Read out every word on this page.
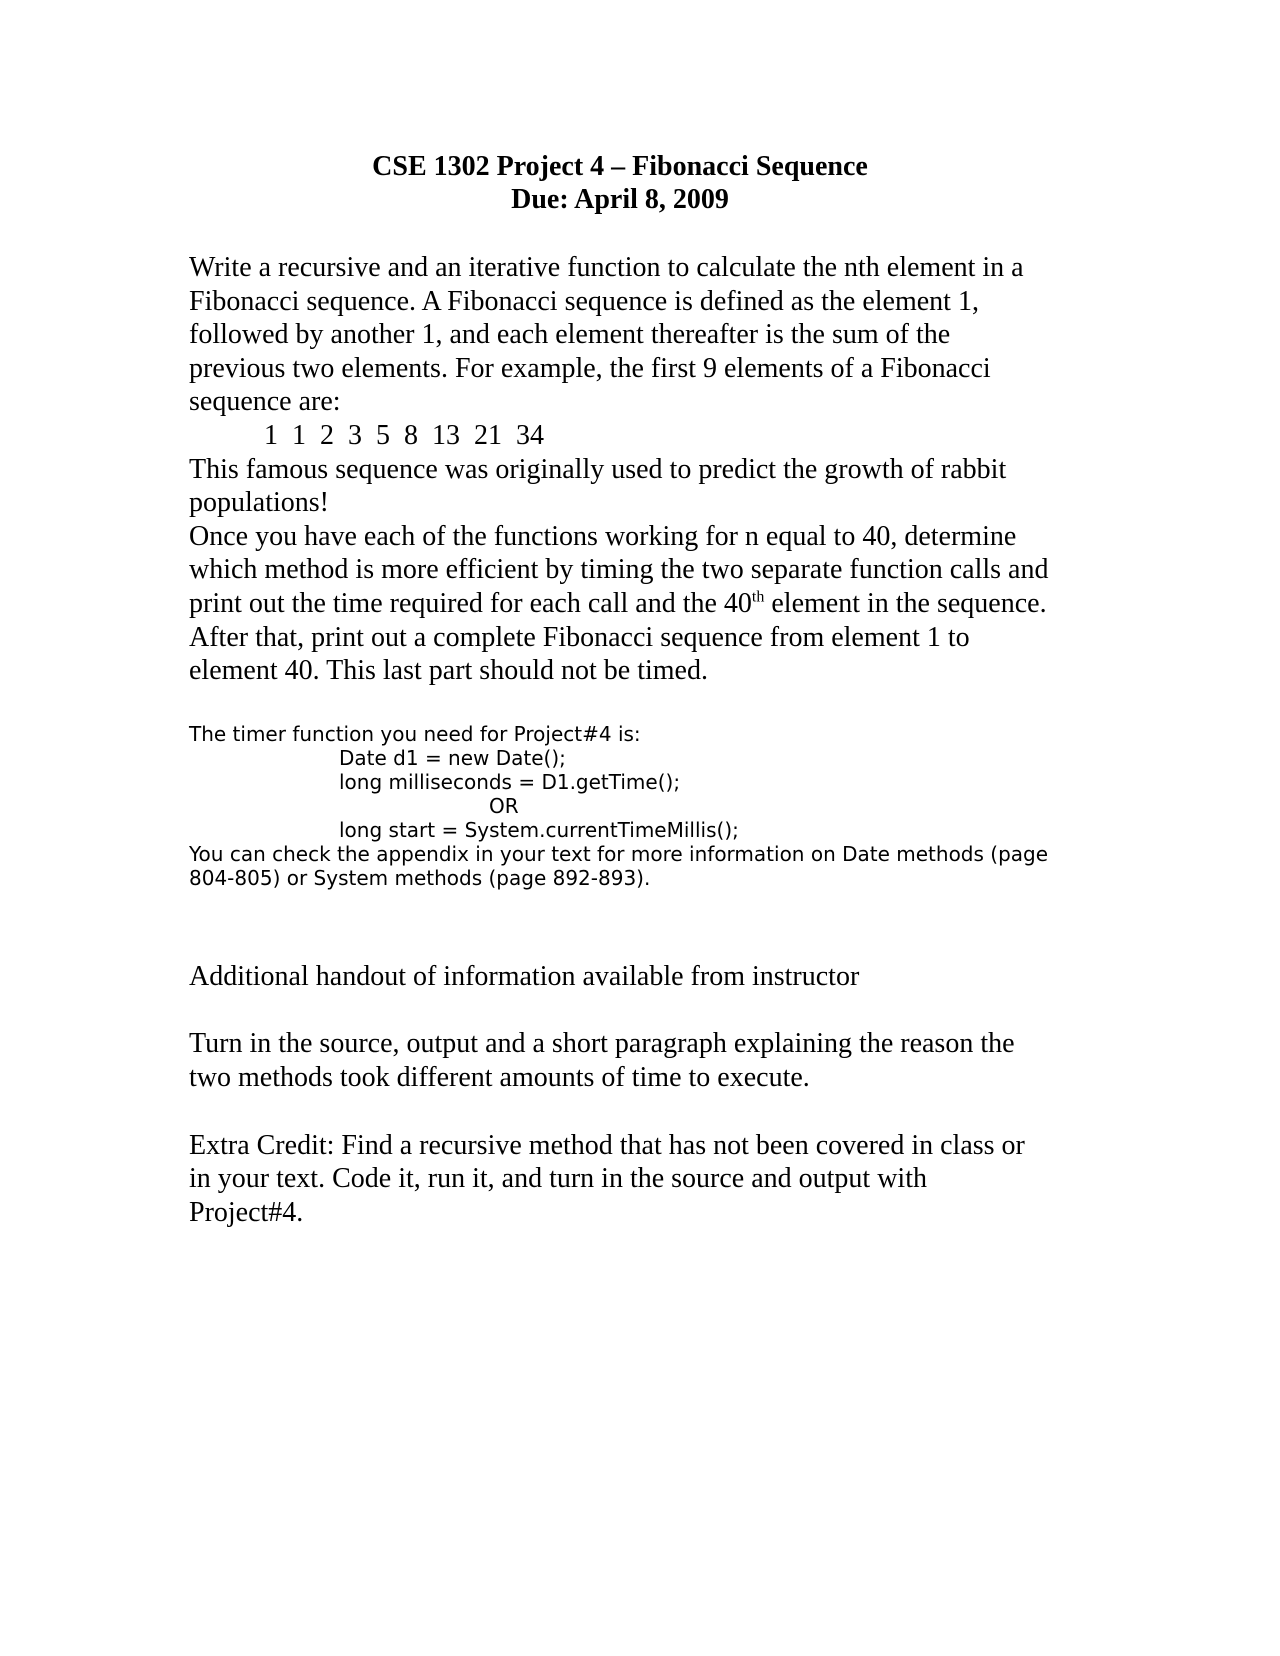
CSE 1302 Project 4 – Fibonacci Sequence
Due: April 8, 2009

Write a recursive and an iterative function to calculate the nth element in a

Fibonacci sequence. A Fibonacci sequence is defined as the element 1,

followed by another 1, and each element thereafter is the sum of the

previous two elements. For example, the first 9 elements of a Fibonacci

sequence are:

1 1 2 3 5 8 13 21 34

This famous sequence was originally used to predict the growth of rabbit

populations!

Once you have each of the functions working for n equal to 40, determine

which method is more efficient by timing the two separate function calls and

print out the time required for each call and the 40th element in the sequence.

After that, print out a complete Fibonacci sequence from element 1 to

element 40. This last part should not be timed.

The timer function you need for Project#4 is:

Date d1 = new Date();

long milliseconds = D1.getTime();

OR

long start = System.currentTimeMillis();

You can check the appendix in your text for more information on Date methods (page

804-805) or System methods (page 892-893).

Additional handout of information available from instructor

Turn in the source, output and a short paragraph explaining the reason the

two methods took different amounts of time to execute.

Extra Credit: Find a recursive method that has not been covered in class or

in your text. Code it, run it, and turn in the source and output with

Project#4.
